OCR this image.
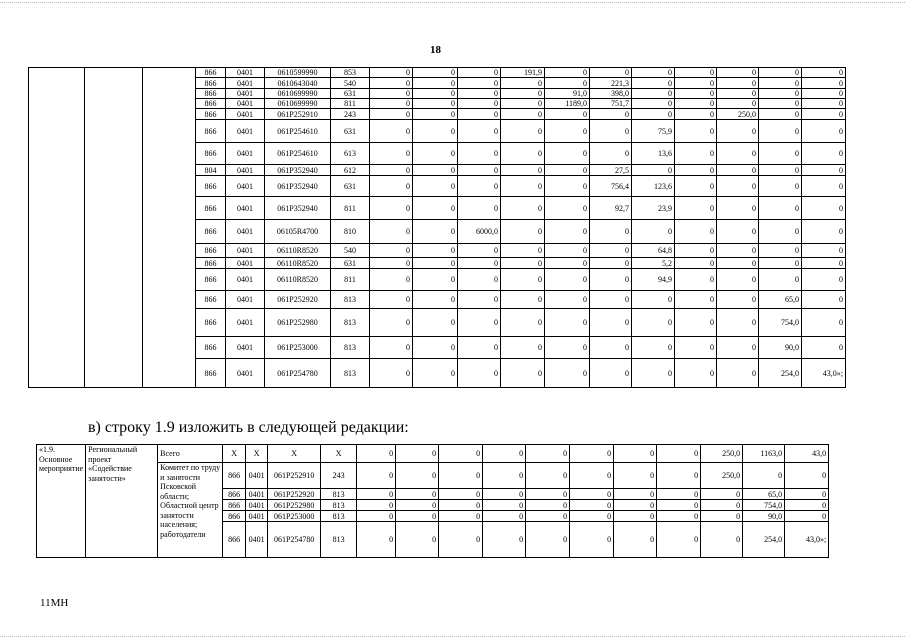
18
			866	0401	0610599990	853	0	0	0	191,9	0	0	0	0	0	0	0
			866	0401	0610643040	540	0	0	0	0	0	221,3	0	0	0	0	0
			866	0401	0610699990	631	0	0	0	0	91,0	398,0	0	0	0	0	0
			866	0401	0610699990	811	0	0	0	0	1189,0	751,7	0	0	0	0	0
			866	0401	061P252910	243	0	0	0	0	0	0	0	0	250,0	0	0
			866	0401	061P254610	631	0	0	0	0	0	0	75,9	0	0	0	0
			866	0401	061P254610	613	0	0	0	0	0	0	13,6	0	0	0	0
			804	0401	061P352940	612	0	0	0	0	0	27,5	0	0	0	0	0
			866	0401	061P352940	631	0	0	0	0	0	756,4	123,6	0	0	0	0
			866	0401	061P352940	811	0	0	0	0	0	92,7	23,9	0	0	0	0
			866	0401	06105R4700	810	0	0	6000,0	0	0	0	0	0	0	0	0
			866	0401	06110R8520	540	0	0	0	0	0	0	64,8	0	0	0	0
			866	0401	06110R8520	631	0	0	0	0	0	0	5,2	0	0	0	0
			866	0401	06110R8520	811	0	0	0	0	0	0	94,9	0	0	0	0
			866	0401	061P252920	813	0	0	0	0	0	0	0	0	0	65,0	0
			866	0401	061P252980	813	0	0	0	0	0	0	0	0	0	754,0	0
			866	0401	061P253000	813	0	0	0	0	0	0	0	0	0	90,0	0
			866	0401	061P254780	813	0	0	0	0	0	0	0	0	0	254,0	43,0»;
в) строку 1.9 изложить в следующей редакции:
«1.9. Основное мероприятие	Региональный проект «Содействие занятости»	Всего	Х	Х	Х	Х	0	0	0	0	0	0	0	0	250,0	1163,0	43,0
		Комитет по труду и занятости Псковской области; Областной центр занятости населения; работодатели	866	0401	061P252910	243	0	0	0	0	0	0	0	0	250,0	0	0
			866	0401	061P252920	813	0	0	0	0	0	0	0	0	0	65,0	0
			866	0401	061P252980	813	0	0	0	0	0	0	0	0	0	754,0	0
			866	0401	061P253000	813	0	0	0	0	0	0	0	0	0	90,0	0
			866	0401	061P254780	813	0	0	0	0	0	0	0	0	0	254,0	43,0»;
11МН
